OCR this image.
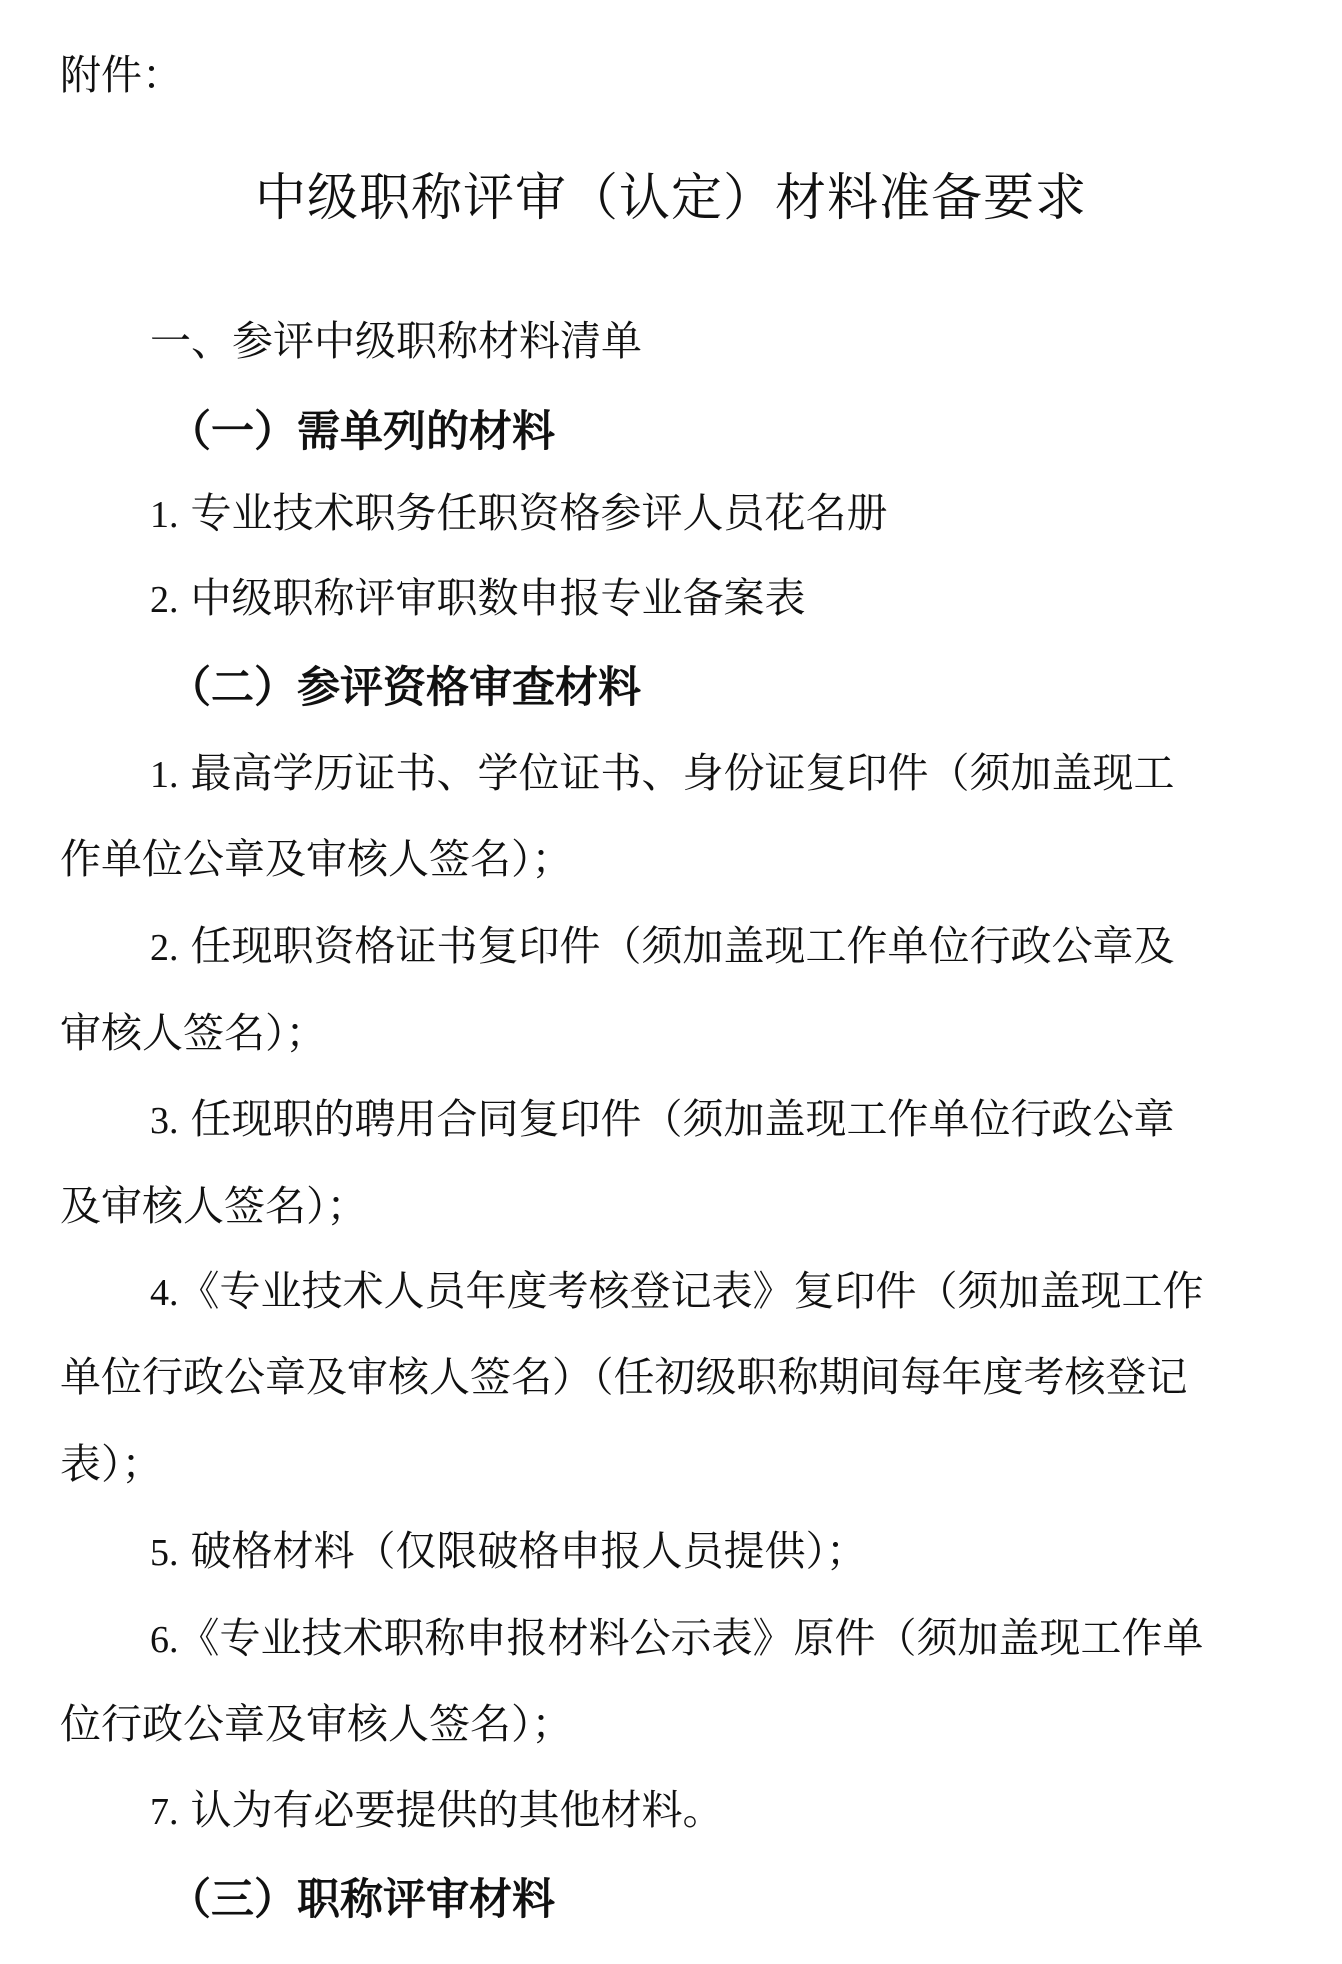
附件：
中级职称评审（认定）材料准备要求
一、参评中级职称材料清单
（一）需单列的材料
1. 专业技术职务任职资格参评人员花名册
2. 中级职称评审职数申报专业备案表
（二）参评资格审查材料
1. 最高学历证书、学位证书、身份证复印件（须加盖现工
作单位公章及审核人签名）；
2. 任现职资格证书复印件（须加盖现工作单位行政公章及
审核人签名）；
3. 任现职的聘用合同复印件（须加盖现工作单位行政公章
及审核人签名）；
4.《专业技术人员年度考核登记表》复印件（须加盖现工作
单位行政公章及审核人签名）（任初级职称期间每年度考核登记
表）；
5. 破格材料（仅限破格申报人员提供）；
6.《专业技术职称申报材料公示表》原件（须加盖现工作单
位行政公章及审核人签名）；
7. 认为有必要提供的其他材料。
（三）职称评审材料
